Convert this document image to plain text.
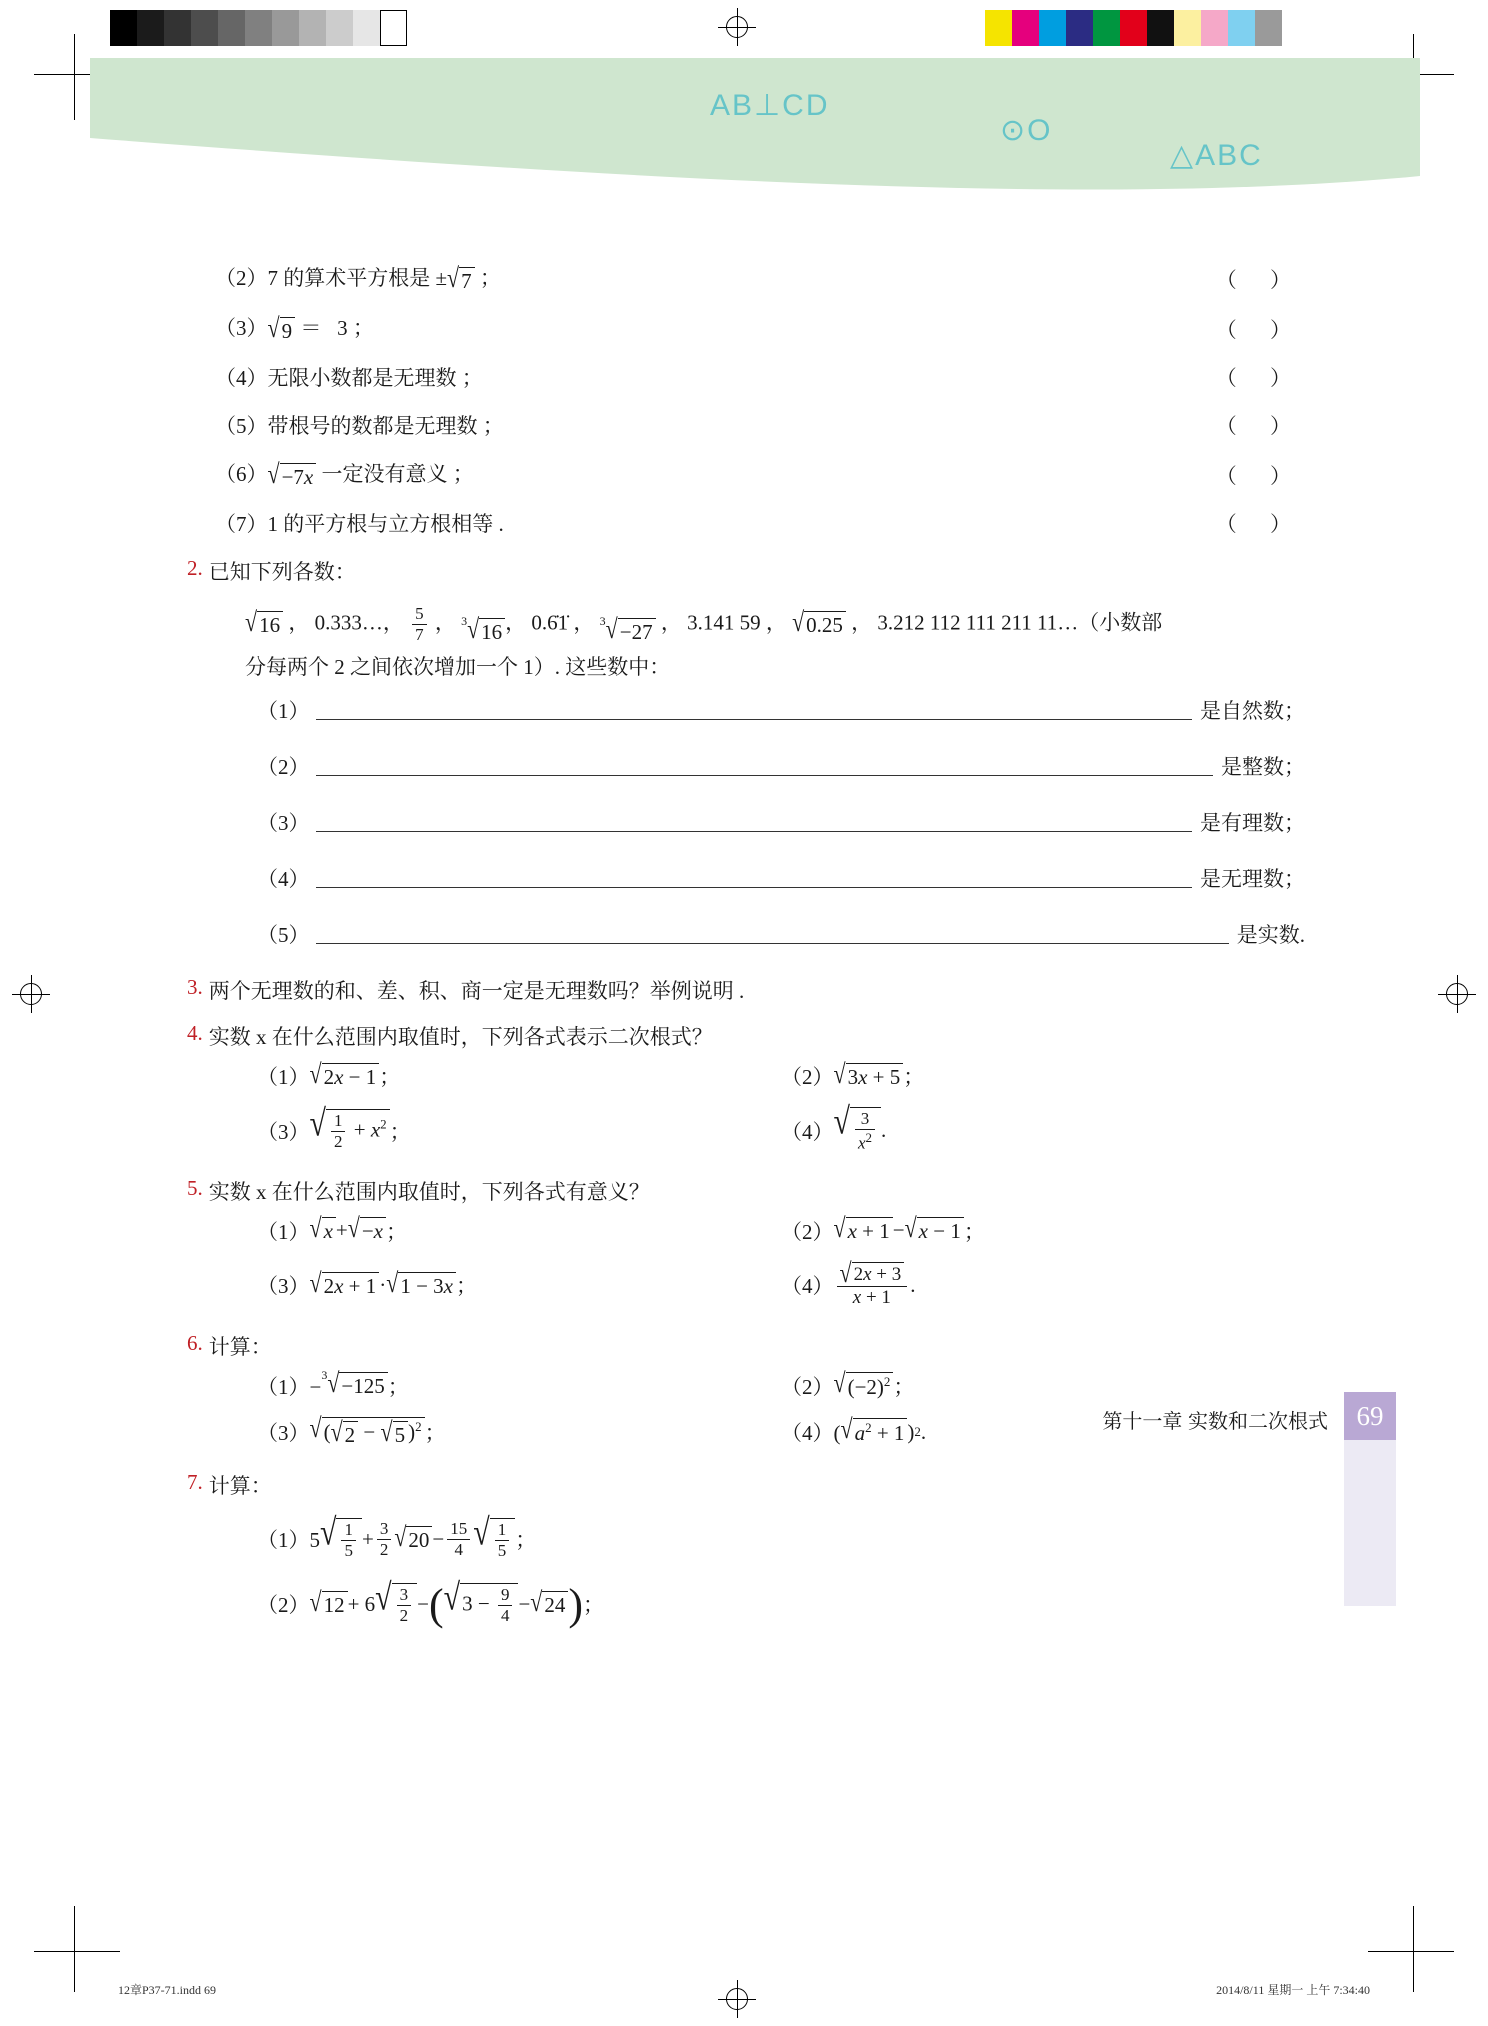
AB⊥CD
⊙O
△ABC
（2）7 的算术平方根是 ± √ 7 ；	（ ）
（3） √ 9 ＝   3 ；	（ ）
（4）无限小数都是无理数 ；	（ ）
（5）带根号的数都是无理数 ；	（ ）
（6） √ −7x 一定没有意义 ；	（ ）
（7）1 的平方根与立方根相等 .	（ ）
2. 已知下列各数：
√ 16 ， 0.333…， $\frac{5}{7}$ ， 3 √ 16 ， 0.6̇1̇ ， 3 √ −27 ， 3.141 59 ， √ 0.25 ， 3.212 112 111 211 11…（小数部
分每两个 2 之间依次增加一个 1）. 这些数中：
（1）	是自然数；
（2）	是整数；
（3）	是有理数；
（4）	是无理数；
（5）	是实数.
3. 两个无理数的和、差、积、商一定是无理数吗？举例说明 .
4. 实数 x 在什么范围内取值时，下列各式表示二次根式？
（1） √ 2x − 1 ；	（2） √ 3x + 5 ；
（3） √ $\frac{1}{2} + x^2$ ；	（4） √ $\frac{3}{x^2}$ .
5. 实数 x 在什么范围内取值时，下列各式有意义？
（1） √ x + √ −x ；	（2） √ x + 1 − √ x − 1 ；
（3） √ 2x + 1 · √ 1 − 3x ；	$(4) \frac{√ 2x + 3}{x + 1}$ .
6. 计算：
（1）− 3 √ −125 ；	（2） √ $(-2)^2$ ；
（3） √ ( √ 2 − √ 5 )$^2$ ；	（4）( √ $a^2 + 1$ ) 2 .
7. 计算：
（1）5 √ $\frac{1}{5} + \frac{3}{2}$ √ $20 - \frac{15}{4}$ √ $\frac{1}{5}$ ；
（2） √ 12 + 6 √ $\frac{3}{2}$ − ( √ $3 - \frac{9}{4}$ − √ 24 ) ；
69
第十一章 实数和二次根式
12章P37-71.indd 69	2014/8/11 星期一 上午 7:34:40
